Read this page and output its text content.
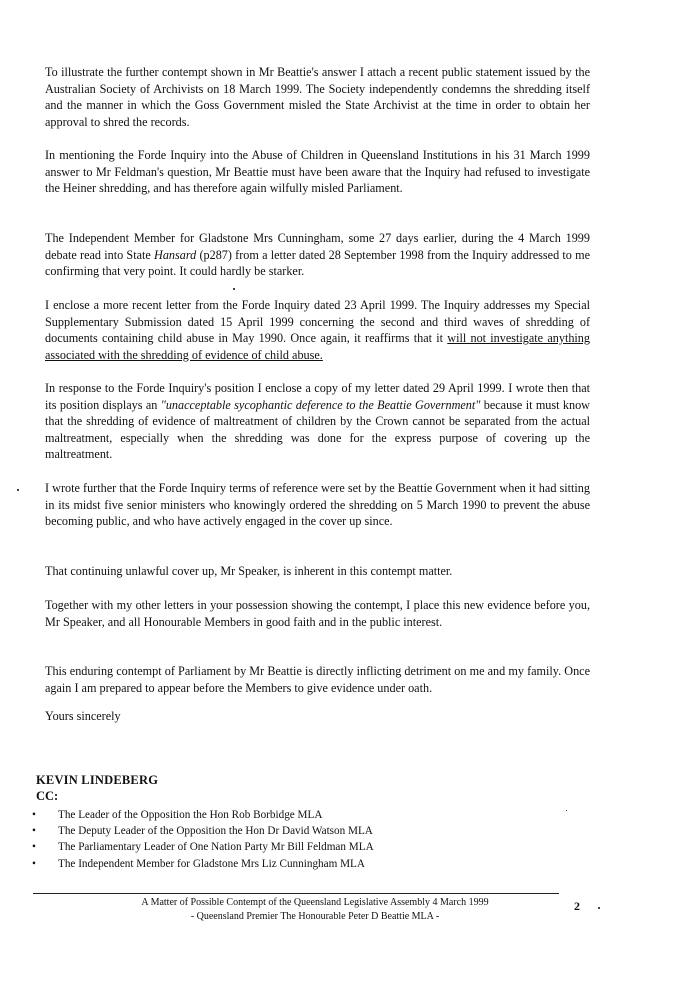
To illustrate the further contempt shown in Mr Beattie's answer I attach a recent public statement issued by the Australian Society of Archivists on 18 March 1999. The Society independently condemns the shredding itself and the manner in which the Goss Government misled the State Archivist at the time in order to obtain her approval to shred the records.

In mentioning the Forde Inquiry into the Abuse of Children in Queensland Institutions in his 31 March 1999 answer to Mr Feldman's question, Mr Beattie must have been aware that the Inquiry had refused to investigate the Heiner shredding, and has therefore again wilfully misled Parliament.

The Independent Member for Gladstone Mrs Cunningham, some 27 days earlier, during the 4 March 1999 debate read into State Hansard (p287) from a letter dated 28 September 1998 from the Inquiry addressed to me confirming that very point. It could hardly be starker.

I enclose a more recent letter from the Forde Inquiry dated 23 April 1999. The Inquiry addresses my Special Supplementary Submission dated 15 April 1999 concerning the second and third waves of shredding of documents containing child abuse in May 1990. Once again, it reaffirms that it will not investigate anything associated with the shredding of evidence of child abuse.

In response to the Forde Inquiry's position I enclose a copy of my letter dated 29 April 1999. I wrote then that its position displays an "unacceptable sycophantic deference to the Beattie Government" because it must know that the shredding of evidence of maltreatment of children by the Crown cannot be separated from the actual maltreatment, especially when the shredding was done for the express purpose of covering up the maltreatment.

I wrote further that the Forde Inquiry terms of reference were set by the Beattie Government when it had sitting in its midst five senior ministers who knowingly ordered the shredding on 5 March 1990 to prevent the abuse becoming public, and who have actively engaged in the cover up since.

That continuing unlawful cover up, Mr Speaker, is inherent in this contempt matter.

Together with my other letters in your possession showing the contempt, I place this new evidence before you, Mr Speaker, and all Honourable Members in good faith and in the public interest.

This enduring contempt of Parliament by Mr Beattie is directly inflicting detriment on me and my family. Once again I am prepared to appear before the Members to give evidence under oath.

Yours sincerely

KEVIN LINDEBERG
CC:
• The Leader of the Opposition the Hon Rob Borbidge MLA
• The Deputy Leader of the Opposition the Hon Dr David Watson MLA
• The Parliamentary Leader of One Nation Party Mr Bill Feldman MLA
• The Independent Member for Gladstone Mrs Liz Cunningham MLA
A Matter of Possible Contempt of the Queensland Legislative Assembly 4 March 1999
- Queensland Premier The Honourable Peter D Beattie MLA -
2
